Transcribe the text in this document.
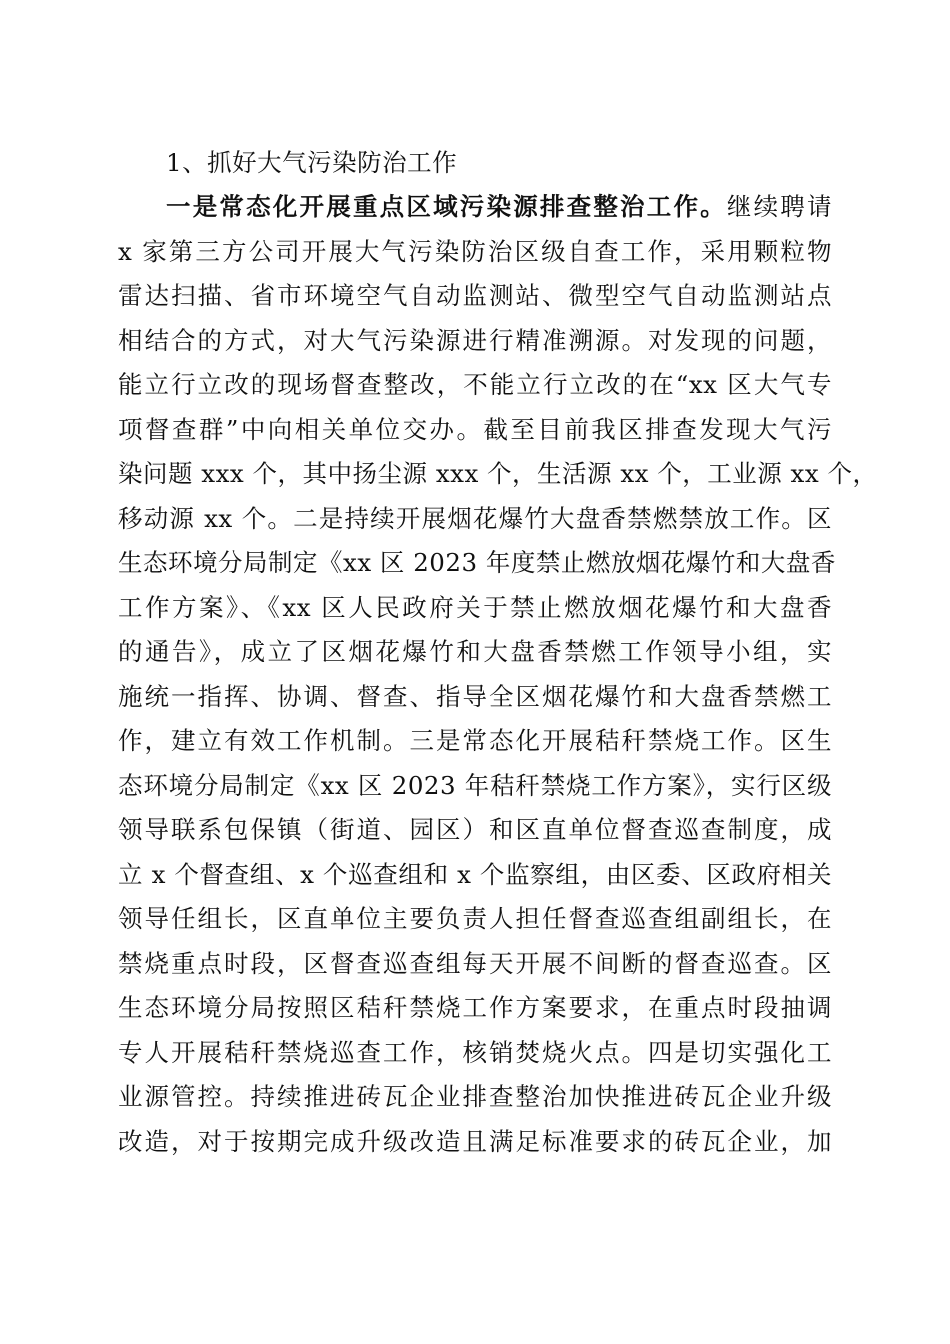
1、抓好大气污染防治工作
一是常态化开展重点区域污染源排查整治工作。继续聘请
x 家第三方公司开展大气污染防治区级自查工作，采用颗粒物
雷达扫描、省市环境空气自动监测站、微型空气自动监测站点
相结合的方式，对大气污染源进行精准溯源。对发现的问题，
能立行立改的现场督查整改，不能立行立改的在“xx 区大气专
项督查群”中向相关单位交办。截至目前我区排查发现大气污
染问题 xxx 个，其中扬尘源 xxx 个，生活源 xx 个，工业源 xx 个，
移动源 xx 个。二是持续开展烟花爆竹大盘香禁燃禁放工作。区
生态环境分局制定《xx 区 2023 年度禁止燃放烟花爆竹和大盘香
工作方案》、《xx 区人民政府关于禁止燃放烟花爆竹和大盘香
的通告》，成立了区烟花爆竹和大盘香禁燃工作领导小组，实
施统一指挥、协调、督查、指导全区烟花爆竹和大盘香禁燃工
作，建立有效工作机制。三是常态化开展秸秆禁烧工作。区生
态环境分局制定《xx 区 2023 年秸秆禁烧工作方案》，实行区级
领导联系包保镇（街道、园区）和区直单位督查巡查制度，成
立 x 个督查组、x 个巡查组和 x 个监察组，由区委、区政府相关
领导任组长，区直单位主要负责人担任督查巡查组副组长，在
禁烧重点时段，区督查巡查组每天开展不间断的督查巡查。区
生态环境分局按照区秸秆禁烧工作方案要求，在重点时段抽调
专人开展秸秆禁烧巡查工作，核销焚烧火点。四是切实强化工
业源管控。持续推进砖瓦企业排查整治加快推进砖瓦企业升级
改造，对于按期完成升级改造且满足标准要求的砖瓦企业，加
